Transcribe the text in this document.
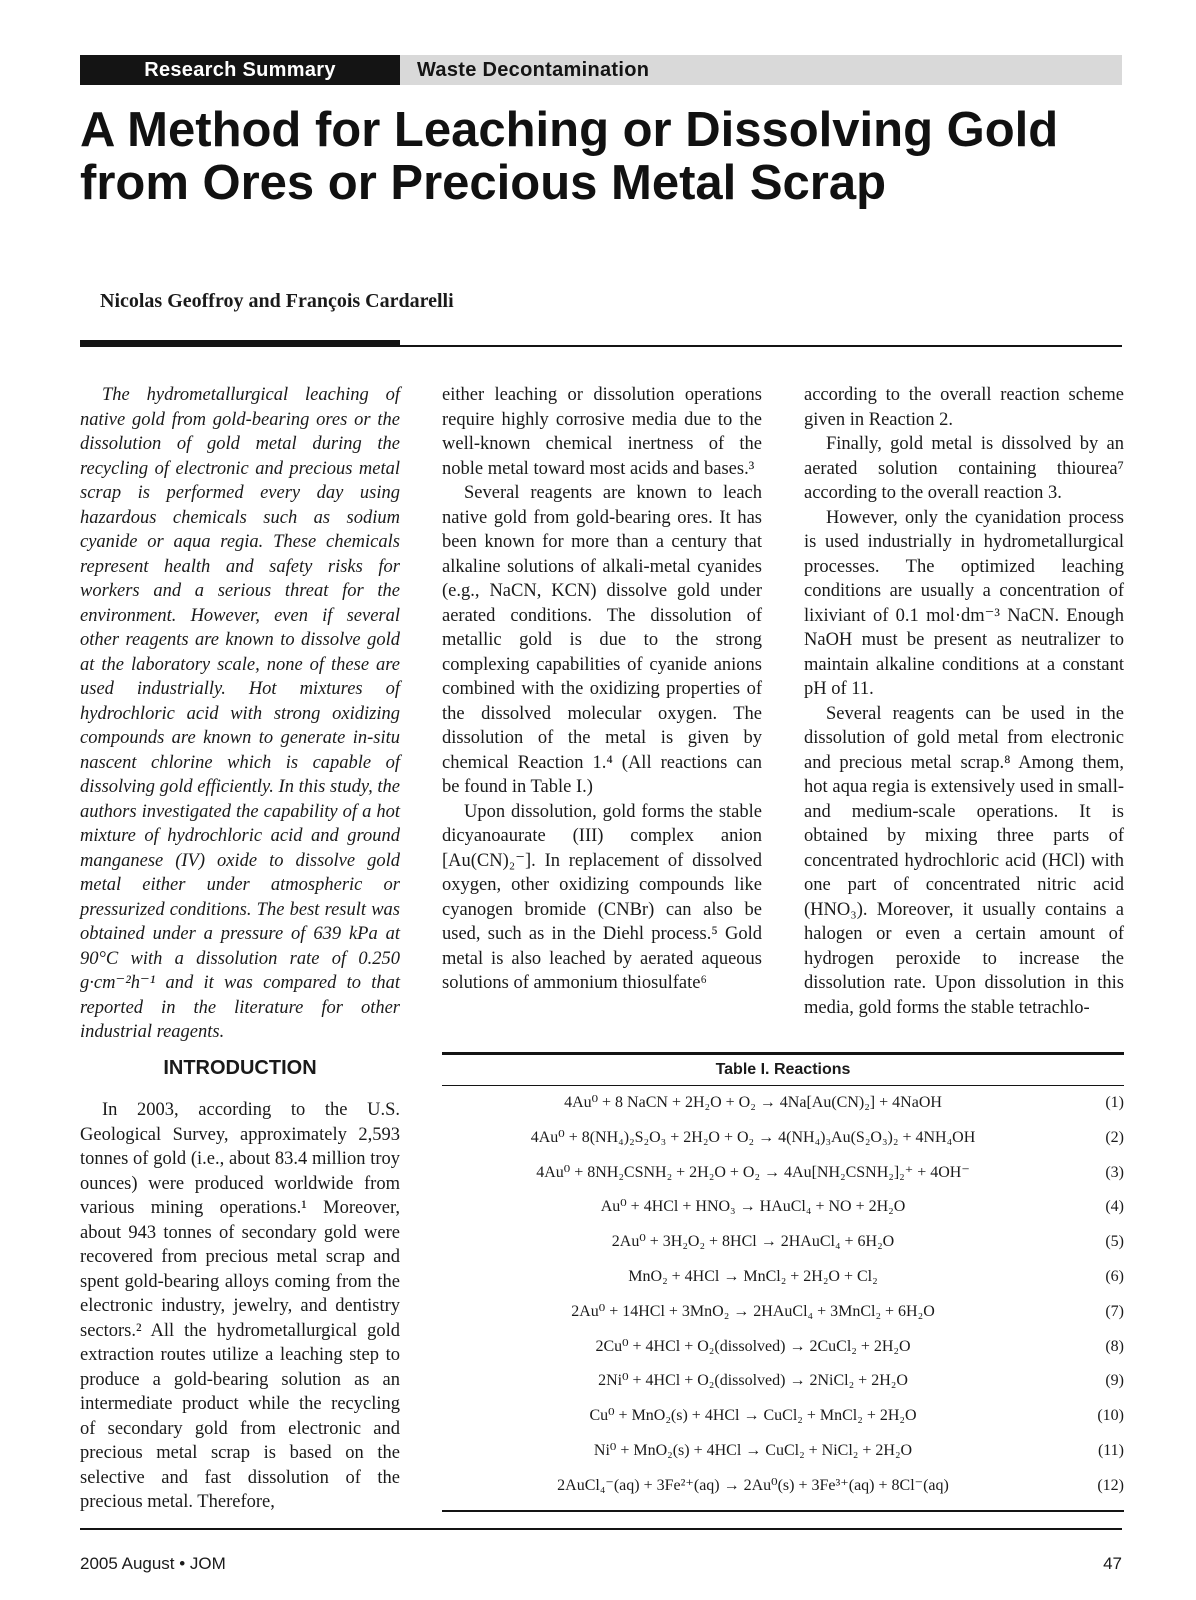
Research Summary	Waste Decontamination
A Method for Leaching or Dissolving Gold from Ores or Precious Metal Scrap

Nicolas Geoffroy and François Cardarelli

The hydrometallurgical leaching of native gold from gold-bearing ores or the dissolution of gold metal during the recycling of electronic and precious metal scrap is performed every day using hazardous chemicals such as sodium cyanide or aqua regia. These chemicals represent health and safety risks for workers and a serious threat for the environment. However, even if several other reagents are known to dissolve gold at the laboratory scale, none of these are used industrially. Hot mixtures of hydrochloric acid with strong oxidizing compounds are known to generate in-situ nascent chlorine which is capable of dissolving gold efficiently. In this study, the authors investigated the capability of a hot mixture of hydrochloric acid and ground manganese (IV) oxide to dissolve gold metal either under atmospheric or pressurized conditions. The best result was obtained under a pressure of 639 kPa at 90°C with a dissolution rate of 0.250 g·cm⁻²h⁻¹ and it was compared to that reported in the literature for other industrial reagents.

INTRODUCTION

In 2003, according to the U.S. Geological Survey, approximately 2,593 tonnes of gold (i.e., about 83.4 million troy ounces) were produced worldwide from various mining operations.¹ Moreover, about 943 tonnes of secondary gold were recovered from precious metal scrap and spent gold-bearing alloys coming from the electronic industry, jewelry, and dentistry sectors.² All the hydrometallurgical gold extraction routes utilize a leaching step to produce a gold-bearing solution as an intermediate product while the recycling of secondary gold from electronic and precious metal scrap is based on the selective and fast dissolution of the precious metal. Therefore,

either leaching or dissolution operations require highly corrosive media due to the well-known chemical inertness of the noble metal toward most acids and bases.³

Several reagents are known to leach native gold from gold-bearing ores. It has been known for more than a century that alkaline solutions of alkali-metal cyanides (e.g., NaCN, KCN) dissolve gold under aerated conditions. The dissolution of metallic gold is due to the strong complexing capabilities of cyanide anions combined with the oxidizing properties of the dissolved molecular oxygen. The dissolution of the metal is given by chemical Reaction 1.⁴ (All reactions can be found in Table I.)

Upon dissolution, gold forms the stable dicyanoaurate (III) complex anion [Au(CN)₂⁻]. In replacement of dissolved oxygen, other oxidizing compounds like cyanogen bromide (CNBr) can also be used, such as in the Diehl process.⁵ Gold metal is also leached by aerated aqueous solutions of ammonium thiosulfate⁶

according to the overall reaction scheme given in Reaction 2.

Finally, gold metal is dissolved by an aerated solution containing thiourea⁷ according to the overall reaction 3.

However, only the cyanidation process is used industrially in hydrometallurgical processes. The optimized leaching conditions are usually a concentration of lixiviant of 0.1 mol·dm⁻³ NaCN. Enough NaOH must be present as neutralizer to maintain alkaline conditions at a constant pH of 11.

Several reagents can be used in the dissolution of gold metal from electronic and precious metal scrap.⁸ Among them, hot aqua regia is extensively used in small- and medium-scale operations. It is obtained by mixing three parts of concentrated hydrochloric acid (HCl) with one part of concentrated nitric acid (HNO₃). Moreover, it usually contains a halogen or even a certain amount of hydrogen peroxide to increase the dissolution rate. Upon dissolution in this media, gold forms the stable tetrachlo-

Table I. Reactions
4Au⁰ + 8 NaCN + 2H₂O + O₂ → 4Na[Au(CN)₂] + 4NaOH	(1)
4Au⁰ + 8(NH₄)₂S₂O₃ + 2H₂O + O₂ → 4(NH₄)₃Au(S₂O₃)₂ + 4NH₄OH	(2)
4Au⁰ + 8NH₂CSNH₂ + 2H₂O + O₂ → 4Au[NH₂CSNH₂]₂⁺ + 4OH⁻	(3)
Au⁰ + 4HCl + HNO₃ → HAuCl₄ + NO + 2H₂O	(4)
2Au⁰ + 3H₂O₂ + 8HCl → 2HAuCl₄ + 6H₂O	(5)
MnO₂ + 4HCl → MnCl₂ + 2H₂O + Cl₂	(6)
2Au⁰ + 14HCl + 3MnO₂ → 2HAuCl₄ + 3MnCl₂ + 6H₂O	(7)
2Cu⁰ + 4HCl + O₂(dissolved) → 2CuCl₂ + 2H₂O	(8)
2Ni⁰ + 4HCl + O₂(dissolved) → 2NiCl₂ + 2H₂O	(9)
Cu⁰ + MnO₂(s) + 4HCl → CuCl₂ + MnCl₂ + 2H₂O	(10)
Ni⁰ + MnO₂(s) + 4HCl → CuCl₂ + NiCl₂ + 2H₂O	(11)
2AuCl₄⁻(aq) + 3Fe²⁺(aq) → 2Au⁰(s) + 3Fe³⁺(aq) + 8Cl⁻(aq)	(12)
2005 August • JOM	47
